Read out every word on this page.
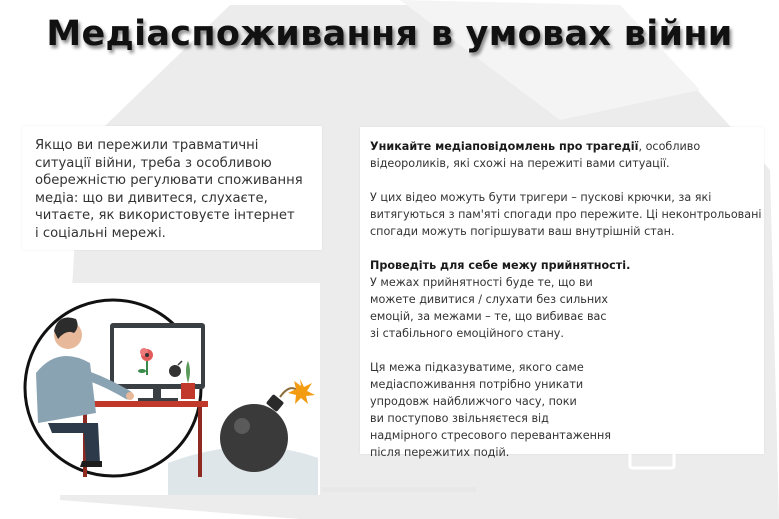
Медіаспоживання в умовах війни
Якщо ви пережили травматичні
ситуації війни, треба з особливою
обережністю регулювати споживання
медіа: що ви дивитеся, слухаєте,
читаєте, як використовуєте інтернет
і соціальні мережі.
Уникайте медіаповідомлень про трагедії, особливо
відеороликів, які схожі на пережиті вами ситуації.
У цих відео можуть бути тригери – пускові крючки, за які
витягуються з пам'яті спогади про пережите. Ці неконтрольовані
спогади можуть погіршувати ваш внутрішній стан.
Проведіть для себе межу прийнятності.
У межах прийнятності буде те, що ви
можете дивитися / слухати без сильних
емоцій, за межами – те, що вибиває вас
зі стабільного емоційного стану.
Ця межа підказуватиме, якого саме
медіаспоживання потрібно уникати
упродовж найближчого часу, поки
ви поступово звільняєтеся від
надмірного стресового перевантаження
після пережитих подій.
